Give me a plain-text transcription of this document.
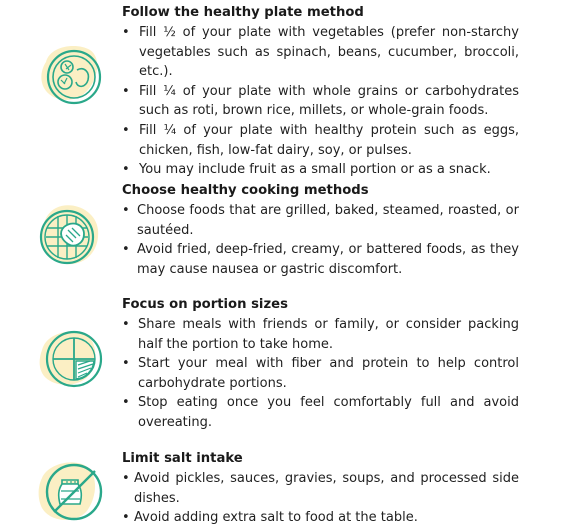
Follow the healthy plate method
• Fill ½ of your plate with vegetables (prefer non-starchy vegetables such as spinach, beans, cucumber, broccoli, etc.).
• Fill ¼ of your plate with whole grains or carbohydrates such as roti, brown rice, millets, or whole-grain foods.
• Fill ¼ of your plate with healthy protein such as eggs, chicken, fish, low-fat dairy, soy, or pulses.
• You may include fruit as a small portion or as a snack.
Choose healthy cooking methods
• Choose foods that are grilled, baked, steamed, roasted, or sautéed.
• Avoid fried, deep-fried, creamy, or battered foods, as they may cause nausea or gastric discomfort.
Focus on portion sizes
• Share meals with friends or family, or consider packing half the portion to take home.
• Start your meal with fiber and protein to help control carbohydrate portions.
• Stop eating once you feel comfortably full and avoid overeating.
Limit salt intake
• Avoid pickles, sauces, gravies, soups, and processed side dishes.
• Avoid adding extra salt to food at the table.
